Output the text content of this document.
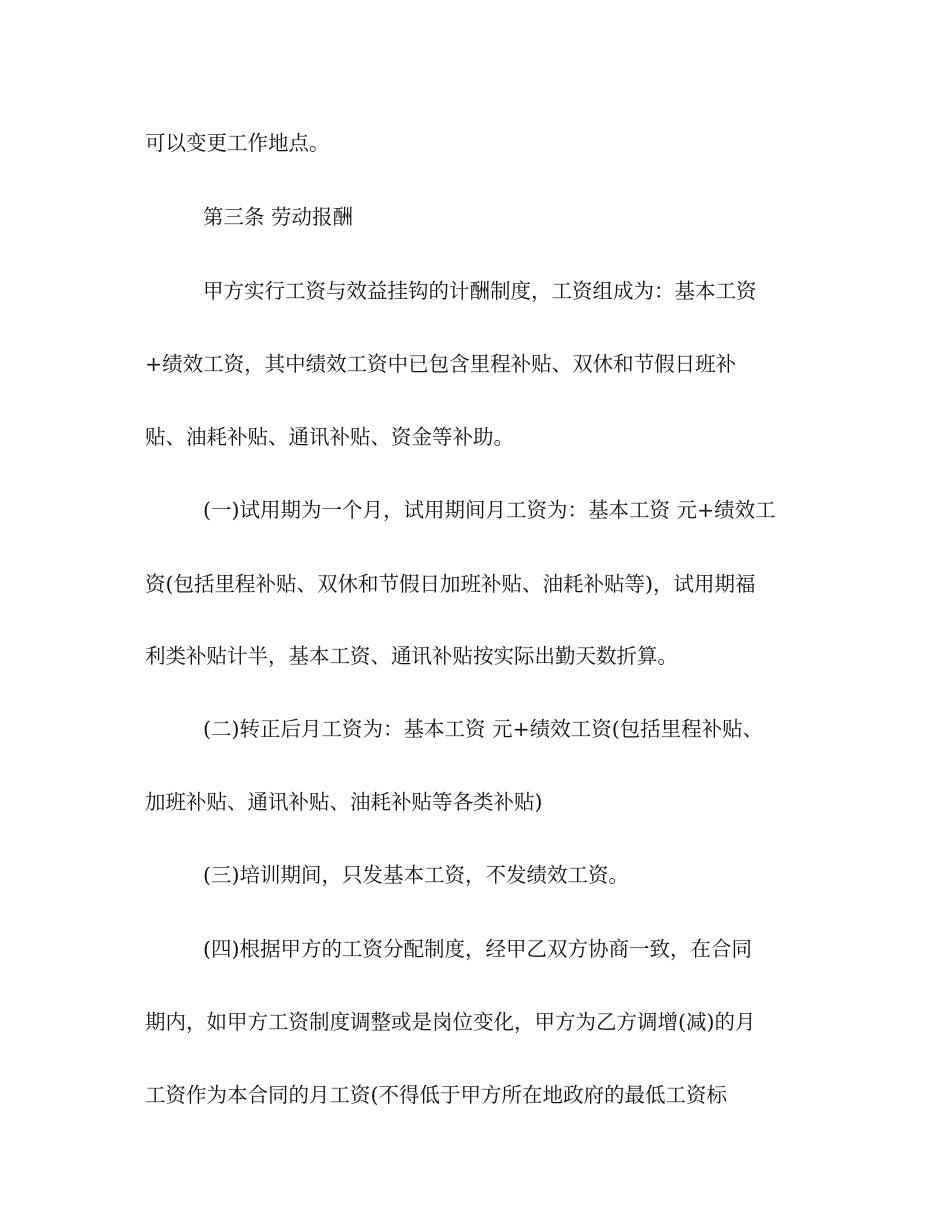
可以变更工作地点。
第三条 劳动报酬
甲方实行工资与效益挂钩的计酬制度，工资组成为：基本工资
+绩效工资，其中绩效工资中已包含里程补贴、双休和节假日班补
贴、油耗补贴、通讯补贴、资金等补助。
(一)试用期为一个月，试用期间月工资为：基本工资 元+绩效工
资(包括里程补贴、双休和节假日加班补贴、油耗补贴等)，试用期福
利类补贴计半，基本工资、通讯补贴按实际出勤天数折算。
(二)转正后月工资为：基本工资 元+绩效工资(包括里程补贴、
加班补贴、通讯补贴、油耗补贴等各类补贴)
(三)培训期间，只发基本工资，不发绩效工资。
(四)根据甲方的工资分配制度，经甲乙双方协商一致，在合同
期内，如甲方工资制度调整或是岗位变化，甲方为乙方调增(减)的月
工资作为本合同的月工资(不得低于甲方所在地政府的最低工资标
